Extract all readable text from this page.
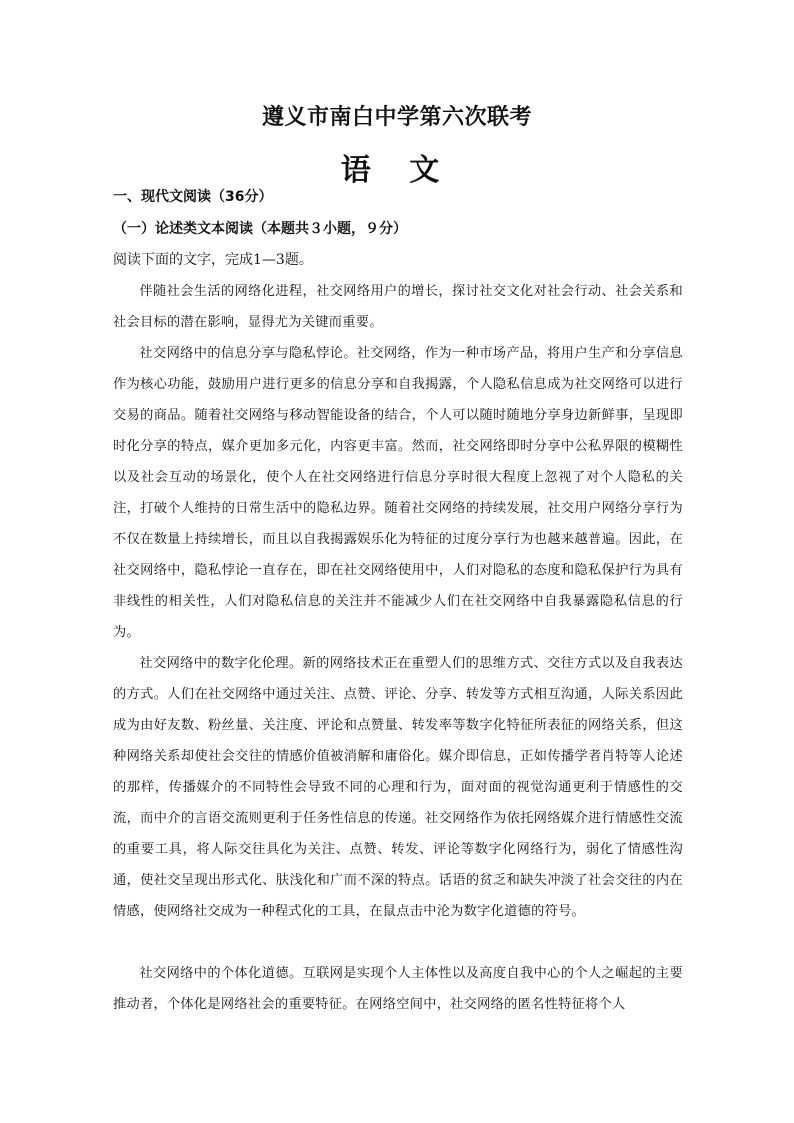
遵义市南白中学第六次联考
语 文
一、现代文阅读（36分）
（一）论述类文本阅读（本题共３小题，９分）
阅读下面的文字，完成1—3题。

伴随社会生活的网络化进程，社交网络用户的增长，探讨社交文化对社会行动、社会关系和社会目标的潜在影响，显得尤为关键而重要。

社交网络中的信息分享与隐私悖论。社交网络，作为一种市场产品，将用户生产和分享信息作为核心功能，鼓励用户进行更多的信息分享和自我揭露，个人隐私信息成为社交网络可以进行交易的商品。随着社交网络与移动智能设备的结合，个人可以随时随地分享身边新鲜事，呈现即时化分享的特点，媒介更加多元化，内容更丰富。然而，社交网络即时分享中公私界限的模糊性以及社会互动的场景化，使个人在社交网络进行信息分享时很大程度上忽视了对个人隐私的关注，打破个人维持的日常生活中的隐私边界。随着社交网络的持续发展，社交用户网络分享行为不仅在数量上持续增长，而且以自我揭露娱乐化为特征的过度分享行为也越来越普遍。因此，在社交网络中，隐私悖论一直存在，即在社交网络使用中，人们对隐私的态度和隐私保护行为具有非线性的相关性，人们对隐私信息的关注并不能减少人们在社交网络中自我暴露隐私信息的行为。

社交网络中的数字化伦理。新的网络技术正在重塑人们的思维方式、交往方式以及自我表达的方式。人们在社交网络中通过关注、点赞、评论、分享、转发等方式相互沟通，人际关系因此成为由好友数、粉丝量、关注度、评论和点赞量、转发率等数字化特征所表征的网络关系，但这种网络关系却使社会交往的情感价值被消解和庸俗化。媒介即信息，正如传播学者肖特等人论述的那样，传播媒介的不同特性会导致不同的心理和行为，面对面的视觉沟通更利于情感性的交流，而中介的言语交流则更利于任务性信息的传递。社交网络作为依托网络媒介进行情感性交流的重要工具，将人际交往具化为关注、点赞、转发、评论等数字化网络行为，弱化了情感性沟通，使社交呈现出形式化、肤浅化和广而不深的特点。话语的贫乏和缺失冲淡了社会交往的内在情感，使网络社交成为一种程式化的工具，在鼠点击中沦为数字化道德的符号。

社交网络中的个体化道德。互联网是实现个人主体性以及高度自我中心的个人之崛起的主要推动者，个体化是网络社会的重要特征。在网络空间中，社交网络的匿名性特征将个人
